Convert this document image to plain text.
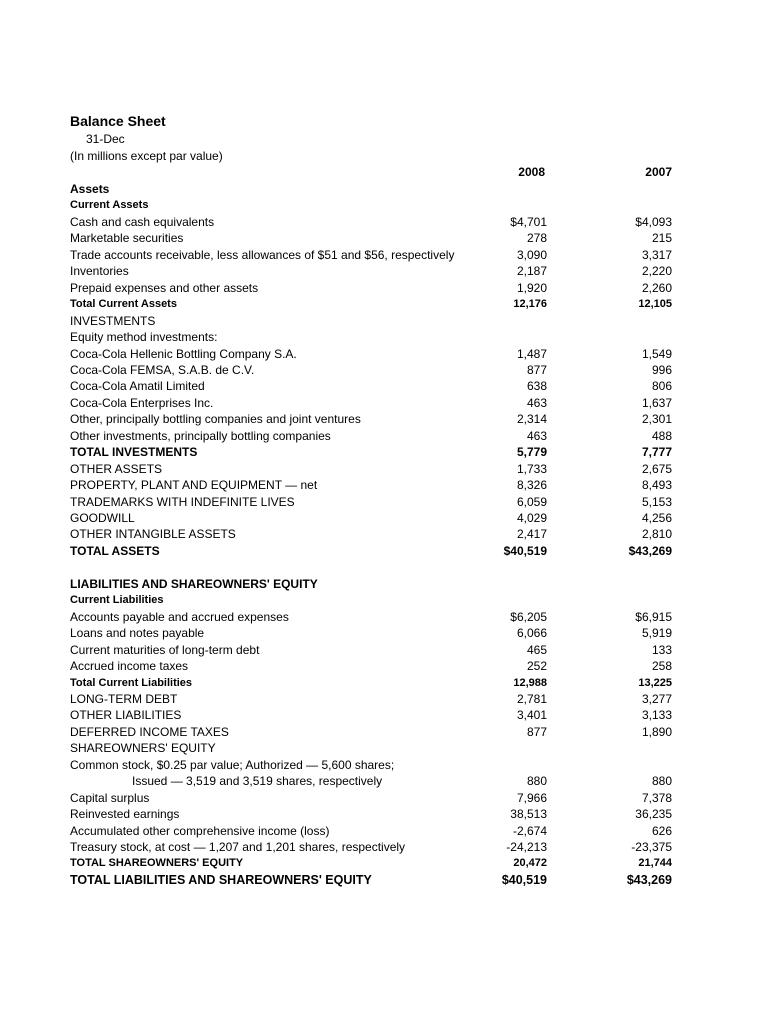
Balance Sheet
31-Dec
(In millions except par value)
2008	2007
Assets
Current Assets
Cash and cash equivalents	$4,701	$4,093
Marketable securities	278	215
Trade accounts receivable, less allowances of $51 and $56, respectively	3,090	3,317
Inventories	2,187	2,220
Prepaid expenses and other assets	1,920	2,260
Total Current Assets	12,176	12,105
INVESTMENTS
Equity method investments:
Coca-Cola Hellenic Bottling Company S.A.	1,487	1,549
Coca-Cola FEMSA, S.A.B. de C.V.	877	996
Coca-Cola Amatil Limited	638	806
Coca-Cola Enterprises Inc.	463	1,637
Other, principally bottling companies and joint ventures	2,314	2,301
Other investments, principally bottling companies	463	488
TOTAL INVESTMENTS	5,779	7,777
OTHER ASSETS	1,733	2,675
PROPERTY, PLANT AND EQUIPMENT — net	8,326	8,493
TRADEMARKS WITH INDEFINITE LIVES	6,059	5,153
GOODWILL	4,029	4,256
OTHER INTANGIBLE ASSETS	2,417	2,810
TOTAL ASSETS	$40,519	$43,269
LIABILITIES AND SHAREOWNERS' EQUITY
Current Liabilities
Accounts payable and accrued expenses	$6,205	$6,915
Loans and notes payable	6,066	5,919
Current maturities of long-term debt	465	133
Accrued income taxes	252	258
Total Current Liabilities	12,988	13,225
LONG-TERM DEBT	2,781	3,277
OTHER LIABILITIES	3,401	3,133
DEFERRED INCOME TAXES	877	1,890
SHAREOWNERS' EQUITY
Common stock, $0.25 par value; Authorized — 5,600 shares;
Issued — 3,519 and 3,519 shares, respectively	880	880
Capital surplus	7,966	7,378
Reinvested earnings	38,513	36,235
Accumulated other comprehensive income (loss)	-2,674	626
Treasury stock, at cost — 1,207 and 1,201 shares, respectively	-24,213	-23,375
TOTAL SHAREOWNERS' EQUITY	20,472	21,744
TOTAL LIABILITIES AND SHAREOWNERS' EQUITY	$40,519	$43,269
